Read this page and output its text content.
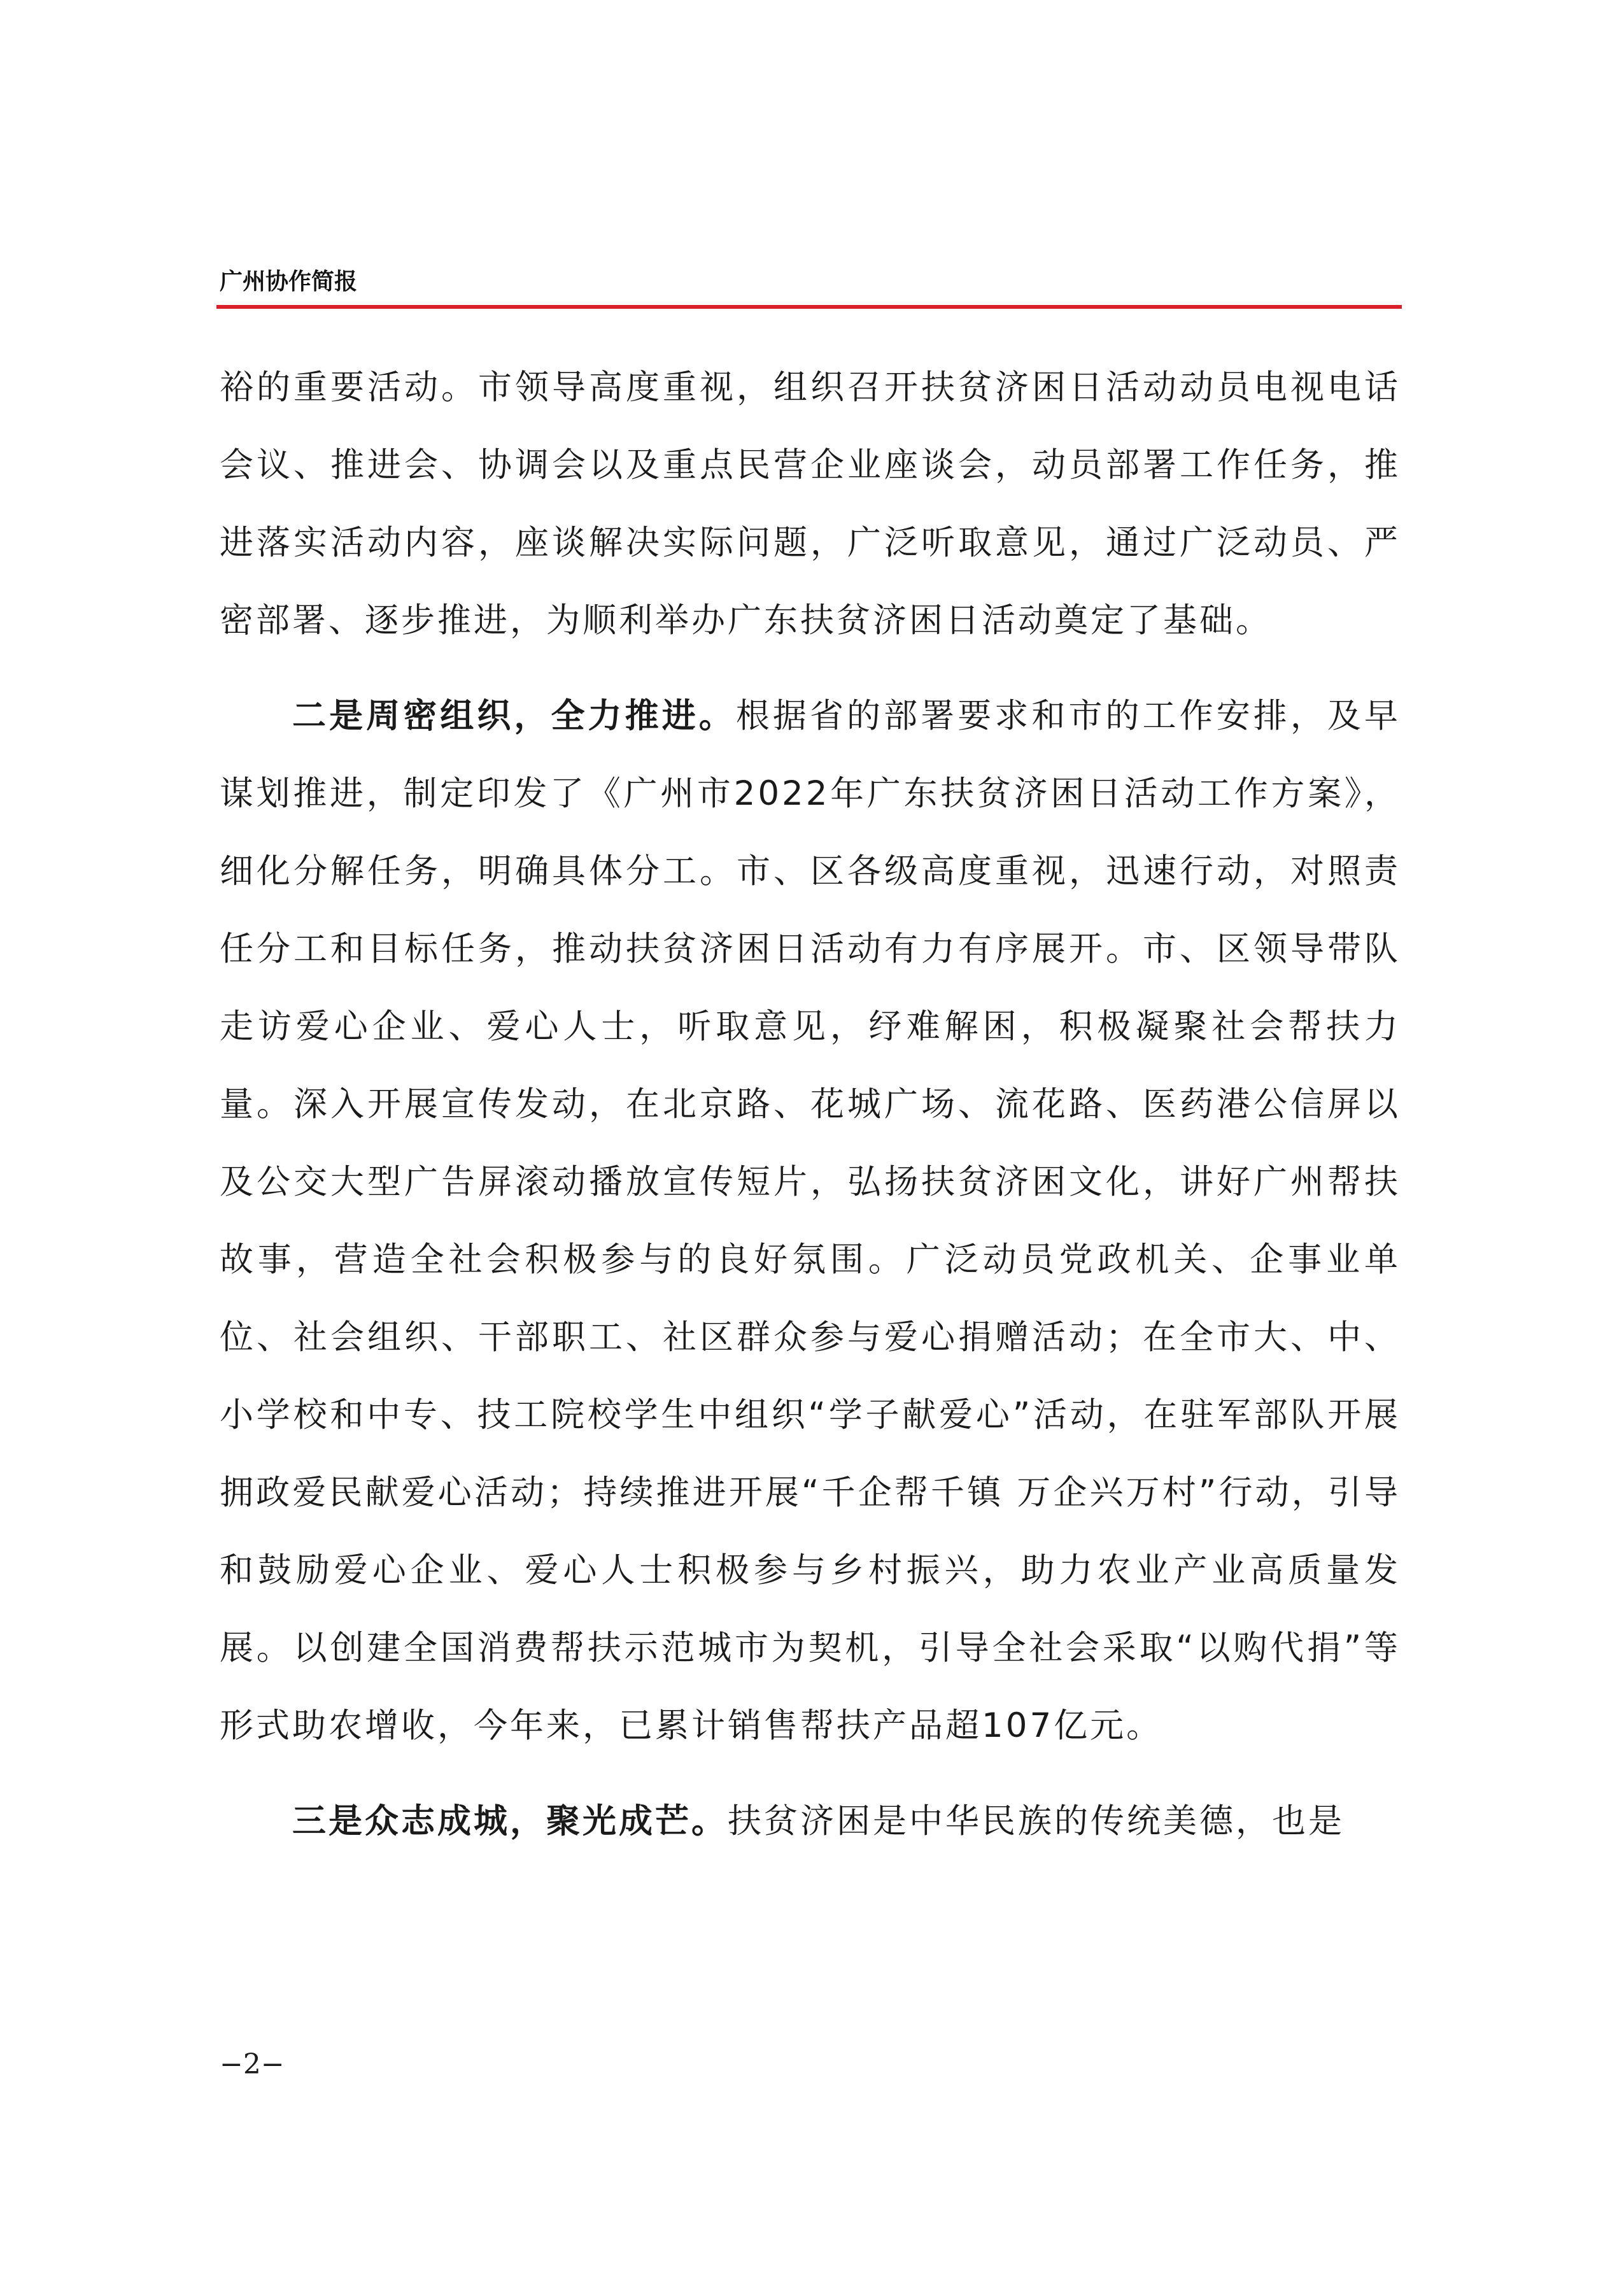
广州协作简报

裕的重要活动。市领导高度重视，组织召开扶贫济困日活动动员电视电话会议、推进会、协调会以及重点民营企业座谈会，动员部署工作任务，推进落实活动内容，座谈解决实际问题，广泛听取意见，通过广泛动员、严密部署、逐步推进，为顺利举办广东扶贫济困日活动奠定了基础。

二是周密组织，全力推进。根据省的部署要求和市的工作安排，及早谋划推进，制定印发了《广州市2022年广东扶贫济困日活动工作方案》，细化分解任务，明确具体分工。市、区各级高度重视，迅速行动，对照责任分工和目标任务，推动扶贫济困日活动有力有序展开。市、区领导带队走访爱心企业、爱心人士，听取意见，纾难解困，积极凝聚社会帮扶力量。深入开展宣传发动，在北京路、花城广场、流花路、医药港公信屏以及公交大型广告屏滚动播放宣传短片，弘扬扶贫济困文化，讲好广州帮扶故事，营造全社会积极参与的良好氛围。广泛动员党政机关、企事业单位、社会组织、干部职工、社区群众参与爱心捐赠活动；在全市大、中、小学校和中专、技工院校学生中组织“学子献爱心”活动，在驻军部队开展拥政爱民献爱心活动；持续推进开展“千企帮千镇 万企兴万村”行动，引导和鼓励爱心企业、爱心人士积极参与乡村振兴，助力农业产业高质量发展。以创建全国消费帮扶示范城市为契机，引导全社会采取“以购代捐”等形式助农增收，今年来，已累计销售帮扶产品超107亿元。

三是众志成城，聚光成芒。扶贫济困是中华民族的传统美德，也是

−2−
